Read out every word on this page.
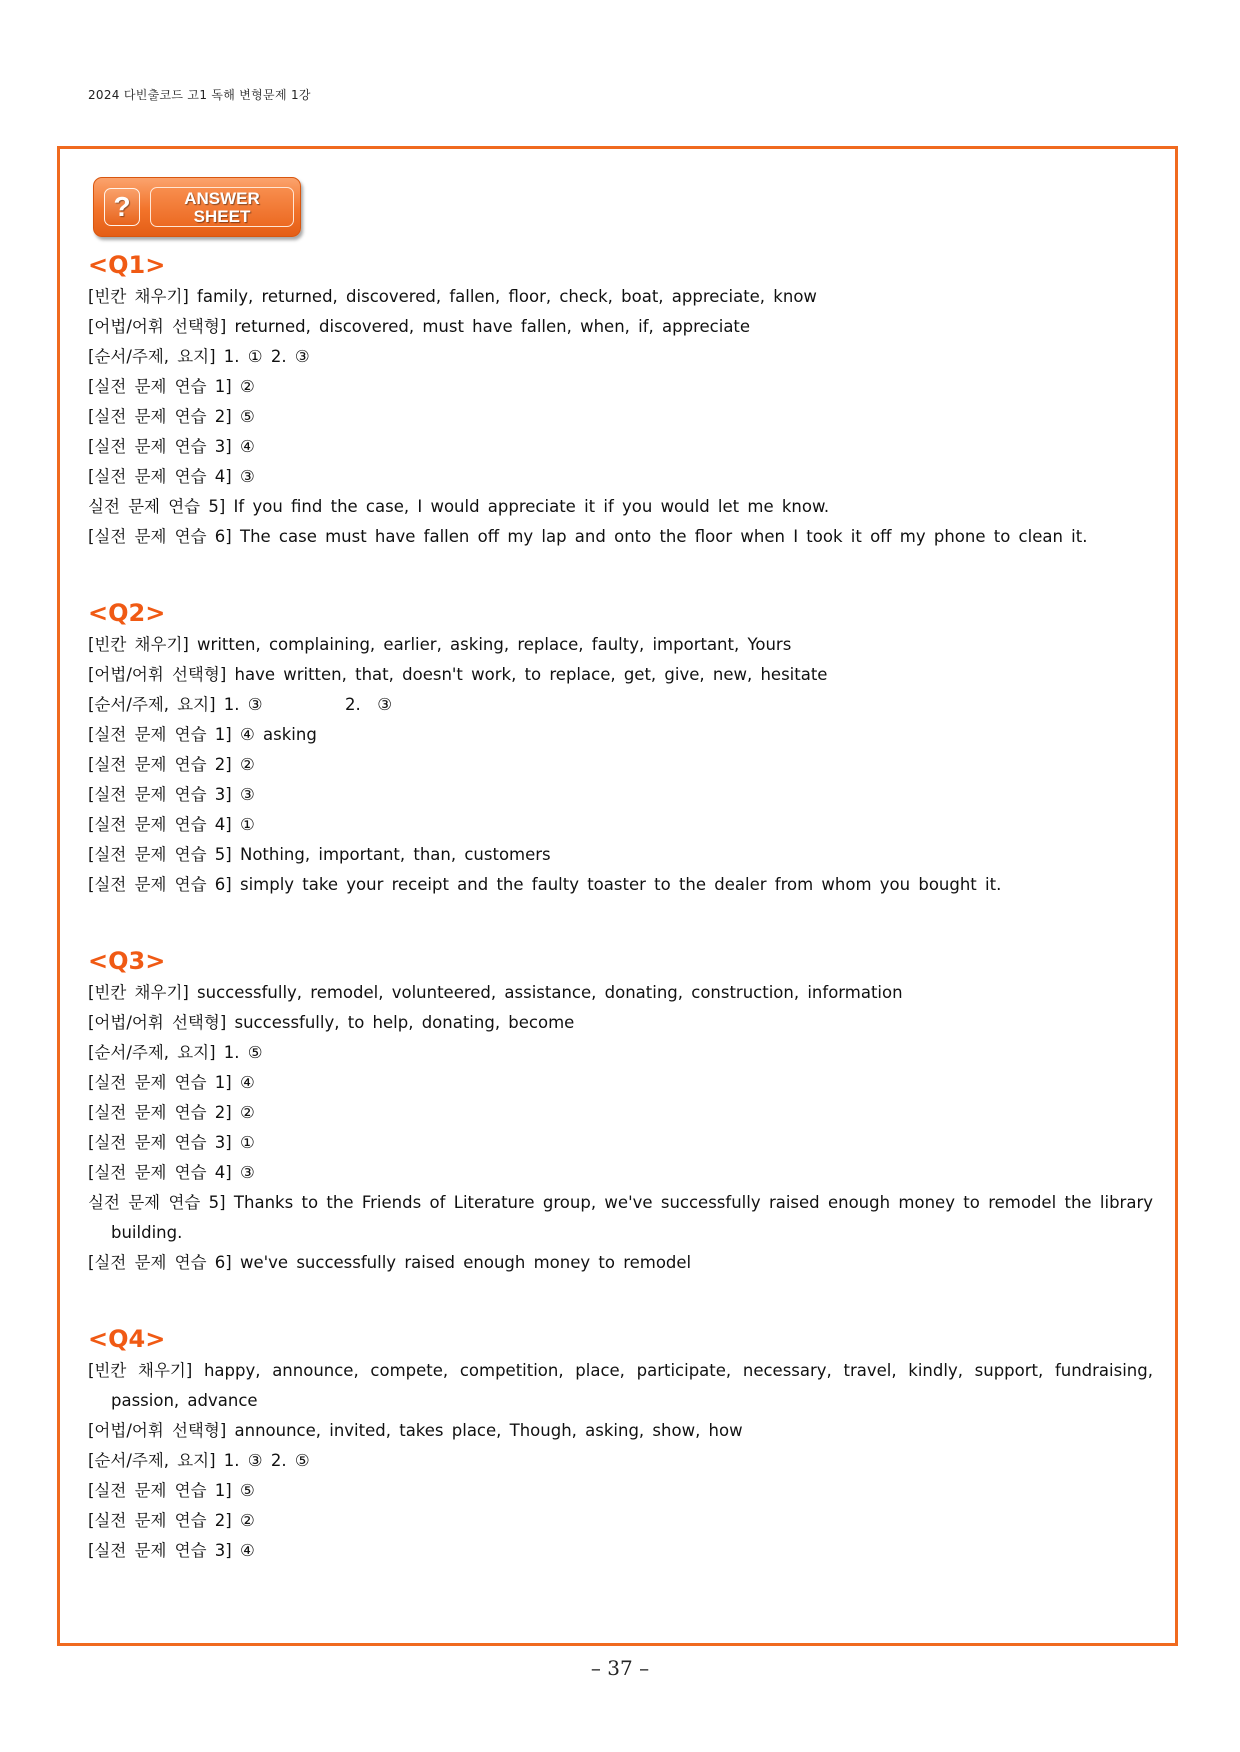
2024 다빈출코드 고1 독해 변형문제 1강
?	ANSWER
SHEET
<Q1>
[빈칸 채우기] family, returned, discovered, fallen, floor, check, boat, appreciate, know
[어법/어휘 선택형] returned, discovered, must have fallen, when, if, appreciate
[순서/주제, 요지] 1. ① 2. ③
[실전 문제 연습 1] ②
[실전 문제 연습 2] ⑤
[실전 문제 연습 3] ④
[실전 문제 연습 4] ③
실전 문제 연습 5] If you find the case, I would appreciate it if you would let me know.
[실전 문제 연습 6] The case must have fallen off my lap and onto the floor when I took it off my phone to clean it.
<Q2>
[빈칸 채우기] written, complaining, earlier, asking, replace, faulty, important, Yours
[어법/어휘 선택형] have written, that, doesn't work, to replace, get, give, new, hesitate
[순서/주제, 요지] 1. ③          2.  ③
[실전 문제 연습 1] ④ asking
[실전 문제 연습 2] ②
[실전 문제 연습 3] ③
[실전 문제 연습 4] ①
[실전 문제 연습 5] Nothing, important, than, customers
[실전 문제 연습 6] simply take your receipt and the faulty toaster to the dealer from whom you bought it.
<Q3>
[빈칸 채우기] successfully, remodel, volunteered, assistance, donating, construction, information
[어법/어휘 선택형] successfully, to help, donating, become
[순서/주제, 요지] 1. ⑤
[실전 문제 연습 1] ④
[실전 문제 연습 2] ②
[실전 문제 연습 3] ①
[실전 문제 연습 4] ③
실전 문제 연습 5] Thanks to the Friends of Literature group, we've successfully raised enough money to remodel the library building.
[실전 문제 연습 6] we've successfully raised enough money to remodel
<Q4>
[빈칸 채우기] happy, announce, compete, competition, place, participate, necessary, travel, kindly, support, fundraising, passion, advance
[어법/어휘 선택형] announce, invited, takes place, Though, asking, show, how
[순서/주제, 요지] 1. ③ 2. ⑤
[실전 문제 연습 1] ⑤
[실전 문제 연습 2] ②
[실전 문제 연습 3] ④
– 37 –
